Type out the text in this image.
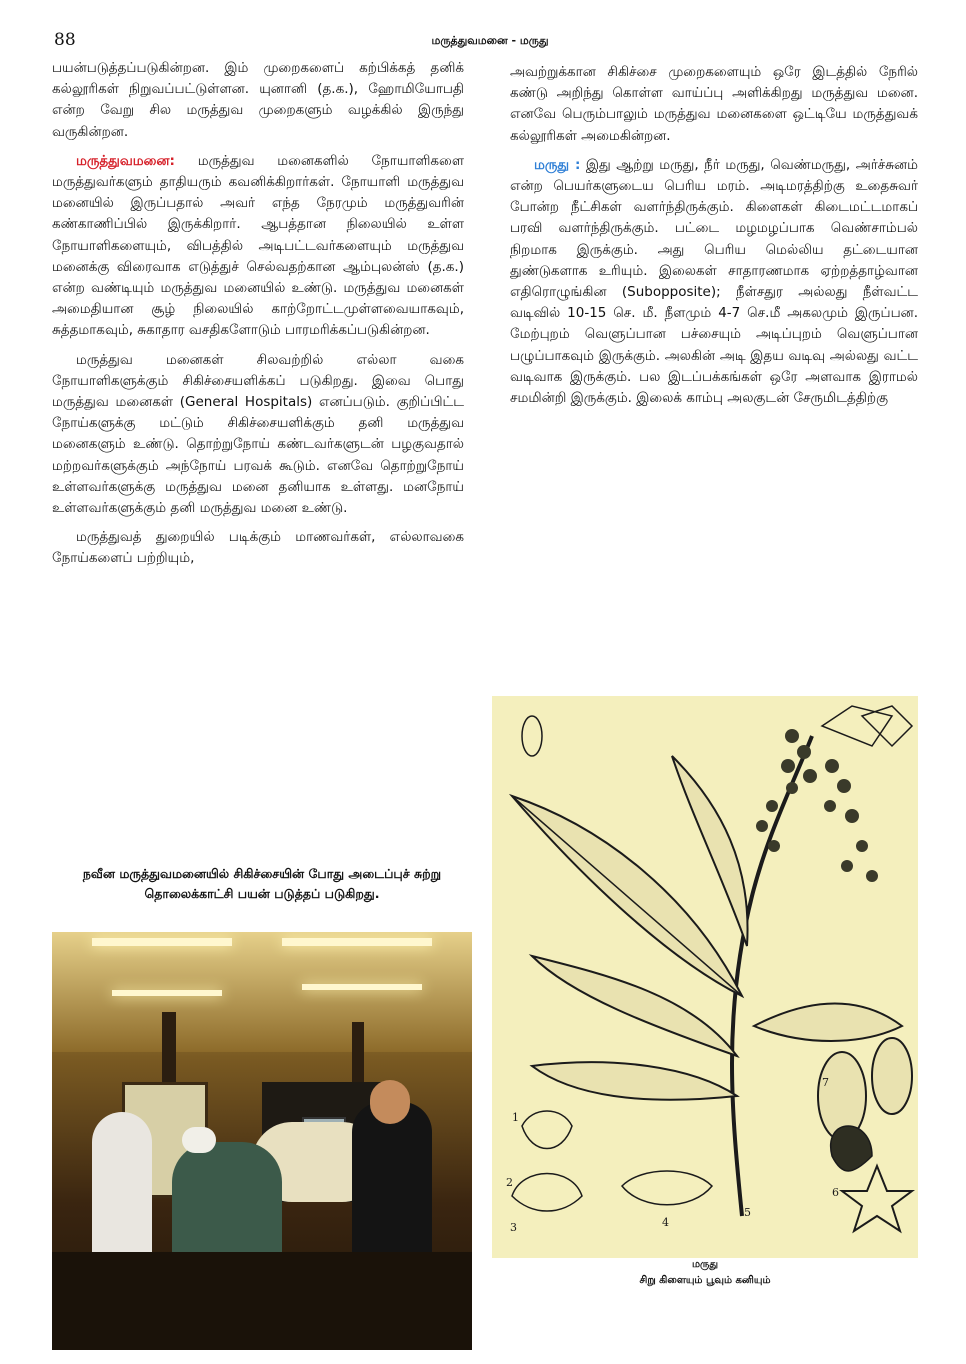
88	மருத்துவமனை - மருது

பயன்படுத்தப்படுகின்றன. இம் முறைகளைப் கற்பிக்கத் தனிக் கல்லூரிகள் நிறுவப்பட்டுள்ளன. யுனானி (த.க.), ஹோமியோபதி என்ற வேறு சில மருத்துவ முறைகளும் வழக்கில் இருந்து வருகின்றன.

மருத்துவமனை: மருத்துவ மனைகளில் நோயாளிகளை மருத்துவர்களும் தாதியரும் கவனிக்கிறார்கள். நோயாளி மருத்துவ மனையில் இருப்பதால் அவர் எந்த நேரமும் மருத்துவரின் கண்காணிப்பில் இருக்கிறார். ஆபத்தான நிலையில் உள்ள நோயாளிகளையும், விபத்தில் அடிபட்டவர்களையும் மருத்துவ மனைக்கு விரைவாக எடுத்துச் செல்வதற்கான ஆம்புலன்ஸ் (த.க.) என்ற வண்டியும் மருத்துவ மனையில் உண்டு. மருத்துவ மனைகள் அமைதியான சூழ் நிலையில் காற்றோட்டமுள்ளவையாகவும், சுத்தமாகவும், சுகாதார வசதிகளோடும் பாரமரிக்கப்படுகின்றன.

மருத்துவ மனைகள் சிலவற்றில் எல்லா வகை நோயாளிகளுக்கும் சிகிச்சையளிக்கப் படுகிறது. இவை பொது மருத்துவ மனைகள் (General Hospitals) எனப்படும். குறிப்பிட்ட நோய்களுக்கு மட்டும் சிகிச்சையளிக்கும் தனி மருத்துவ மனைகளும் உண்டு. தொற்றுநோய் கண்டவர்களுடன் பழகுவதால் மற்றவர்களுக்கும் அந்நோய் பரவக் கூடும். எனவே தொற்றுநோய் உள்ளவர்களுக்கு மருத்துவ மனை தனியாக உள்ளது. மனநோய் உள்ளவர்களுக்கும் தனி மருத்துவ மனை உண்டு.

மருத்துவத் துறையில் படிக்கும் மாணவர்கள், எல்லாவகை நோய்களைப் பற்றியும்,

நவீன மருத்துவமனையில் சிகிச்சையின் போது அடைப்புச் சுற்று தொலைக்காட்சி பயன் படுத்தப் படுகிறது.

அவற்றுக்கான சிகிச்சை முறைகளையும் ஒரே இடத்தில் நேரில் கண்டு அறிந்து கொள்ள வாய்ப்பு அளிக்கிறது மருத்துவ மனை. எனவே பெரும்பாலும் மருத்துவ மனைகளை ஒட்டியே மருத்துவக் கல்லூரிகள் அமைகின்றன.

மருது : இது ஆற்று மருது, நீர் மருது, வெண்மருது, அர்ச்சுனம் என்ற பெயர்களுடைய பெரிய மரம். அடிமரத்திற்கு உதைசுவர் போன்ற நீட்சிகள் வளர்ந்திருக்கும். கிளைகள் கிடைமட்டமாகப் பரவி வளர்ந்திருக்கும். பட்டை மழமழப்பாக வெண்சாம்பல் நிறமாக இருக்கும். அது பெரிய மெல்லிய தட்டையான துண்டுகளாக உரியும். இலைகள் சாதாரணமாக ஏற்றத்தாழ்வான எதிரொழுங்கின (Subopposite); நீள்சதுர அல்லது நீள்வட்ட வடிவில் 10-15 செ. மீ. நீளமும் 4-7 செ.மீ அகலமும் இருப்பன. மேற்புறம் வெளுப்பான பச்சையும் அடிப்புறம் வெளுப்பான பழுப்பாகவும் இருக்கும். அலகின் அடி இதய வடிவு அல்லது வட்ட வடிவாக இருக்கும். பல இடப்பக்கங்கள் ஒரே அளவாக இராமல் சமமின்றி இருக்கும். இலைக் காம்பு அலகுடன் சேருமிடத்திற்கு

1
2
3	4
5
6
7
மருது
சிறு கிளையும் பூவும் கனியும்
